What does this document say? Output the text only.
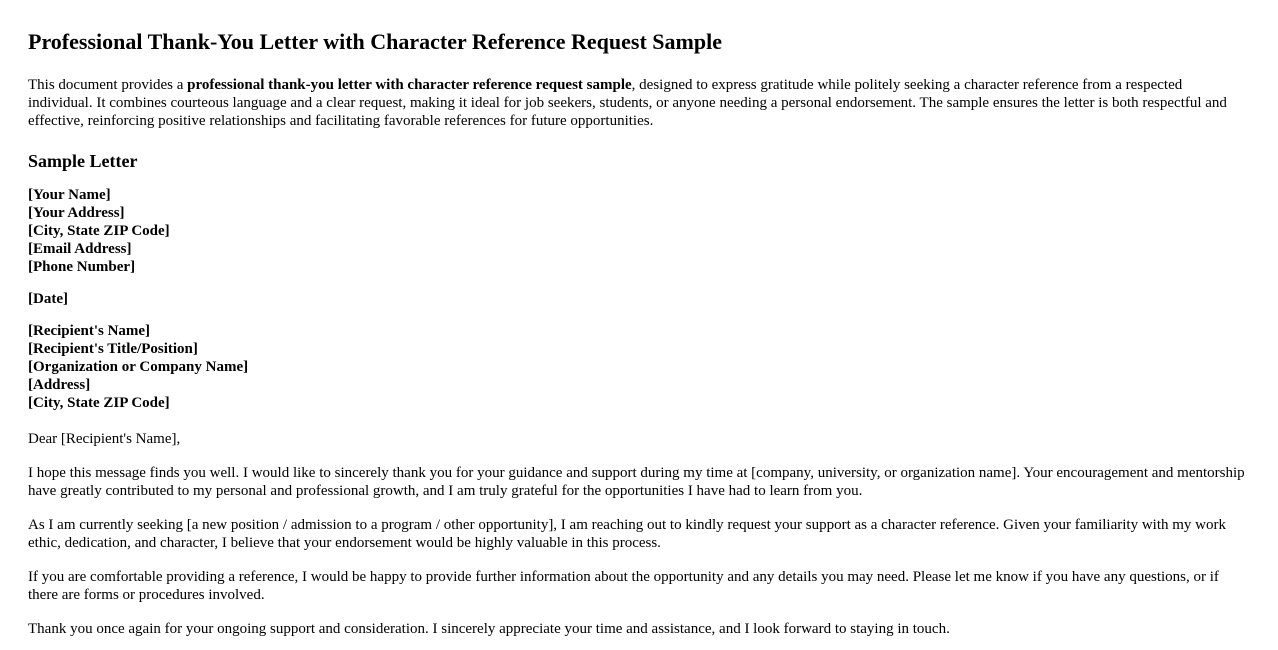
Professional Thank-You Letter with Character Reference Request Sample

This document provides a professional thank-you letter with character reference request sample, designed to express gratitude while politely seeking a character reference from a respected individual. It combines courteous language and a clear request, making it ideal for job seekers, students, or anyone needing a personal endorsement. The sample ensures the letter is both respectful and effective, reinforcing positive relationships and facilitating favorable references for future opportunities.

Sample Letter
[Your Name]
[Your Address]
[City, State ZIP Code]
[Email Address]
[Phone Number]
[Date]
[Recipient's Name]
[Recipient's Title/Position]
[Organization or Company Name]
[Address]
[City, State ZIP Code]

Dear [Recipient's Name],

I hope this message finds you well. I would like to sincerely thank you for your guidance and support during my time at [company, university, or organization name]. Your encouragement and mentorship have greatly contributed to my personal and professional growth, and I am truly grateful for the opportunities I have had to learn from you.

As I am currently seeking [a new position / admission to a program / other opportunity], I am reaching out to kindly request your support as a character reference. Given your familiarity with my work ethic, dedication, and character, I believe that your endorsement would be highly valuable in this process.

If you are comfortable providing a reference, I would be happy to provide further information about the opportunity and any details you may need. Please let me know if you have any questions, or if there are forms or procedures involved.

Thank you once again for your ongoing support and consideration. I sincerely appreciate your time and assistance, and I look forward to staying in touch.
